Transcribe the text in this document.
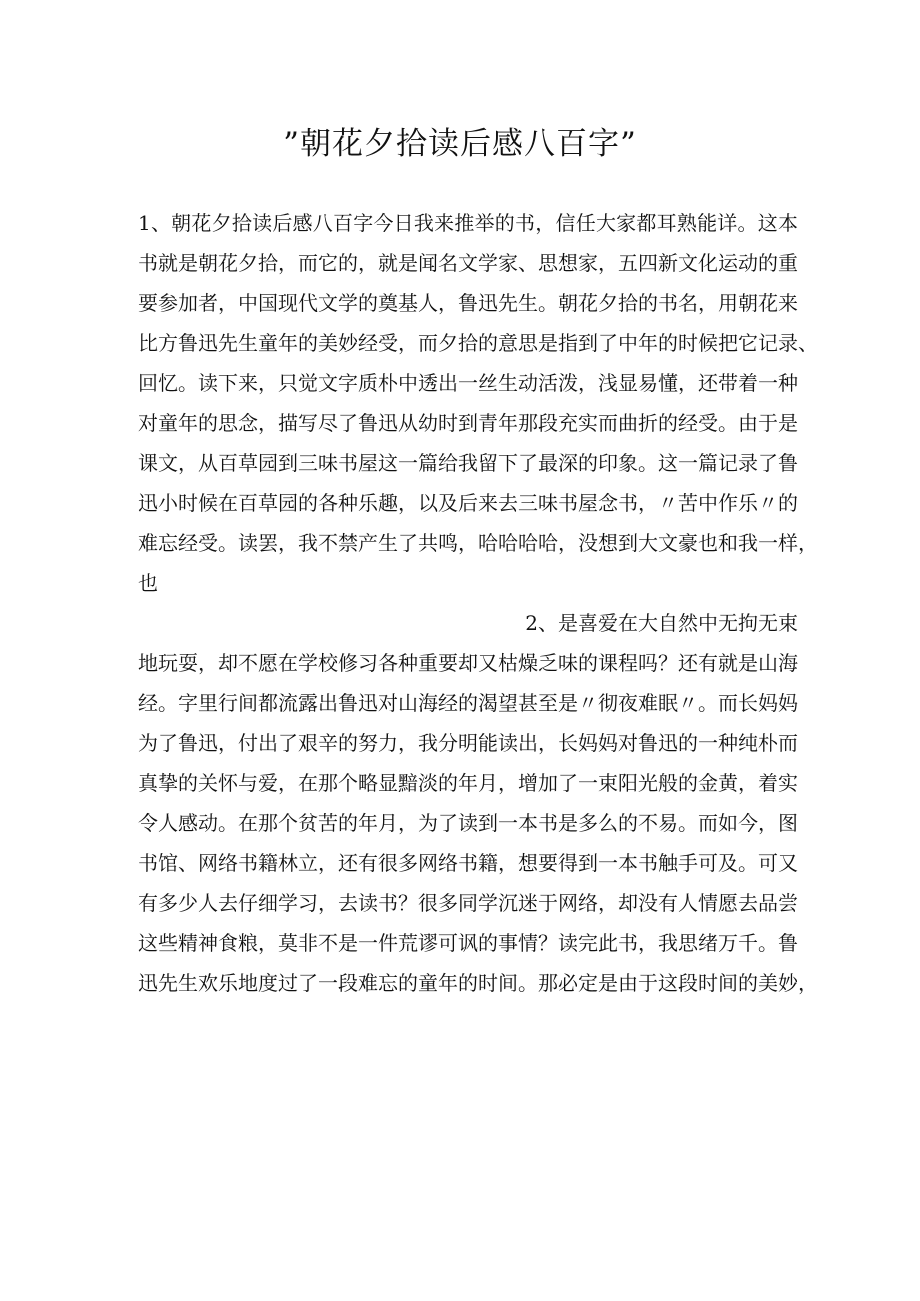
”朝花夕拾读后感八百字”
1、朝花夕拾读后感八百字今日我来推举的书，信任大家都耳熟能详。这本
书就是朝花夕拾，而它的，就是闻名文学家、思想家，五四新文化运动的重
要参加者，中国现代文学的奠基人，鲁迅先生。朝花夕拾的书名，用朝花来
比方鲁迅先生童年的美妙经受，而夕拾的意思是指到了中年的时候把它记录、
回忆。读下来，只觉文字质朴中透出一丝生动活泼，浅显易懂，还带着一种
对童年的思念，描写尽了鲁迅从幼时到青年那段充实而曲折的经受。由于是
课文，从百草园到三味书屋这一篇给我留下了最深的印象。这一篇记录了鲁
迅小时候在百草园的各种乐趣，以及后来去三味书屋念书，〃苦中作乐〃的
难忘经受。读罢，我不禁产生了共鸣，哈哈哈哈，没想到大文豪也和我一样，
也
2、是喜爱在大自然中无拘无束
地玩耍，却不愿在学校修习各种重要却又枯燥乏味的课程吗？还有就是山海
经。字里行间都流露出鲁迅对山海经的渴望甚至是〃彻夜难眠〃。而长妈妈
为了鲁迅，付出了艰辛的努力，我分明能读出，长妈妈对鲁迅的一种纯朴而
真挚的关怀与爱，在那个略显黯淡的年月，增加了一束阳光般的金黄，着实
令人感动。在那个贫苦的年月，为了读到一本书是多么的不易。而如今，图
书馆、网络书籍林立，还有很多网络书籍，想要得到一本书触手可及。可又
有多少人去仔细学习，去读书？很多同学沉迷于网络，却没有人情愿去品尝
这些精神食粮，莫非不是一件荒谬可讽的事情？读完此书，我思绪万千。鲁
迅先生欢乐地度过了一段难忘的童年的时间。那必定是由于这段时间的美妙，
